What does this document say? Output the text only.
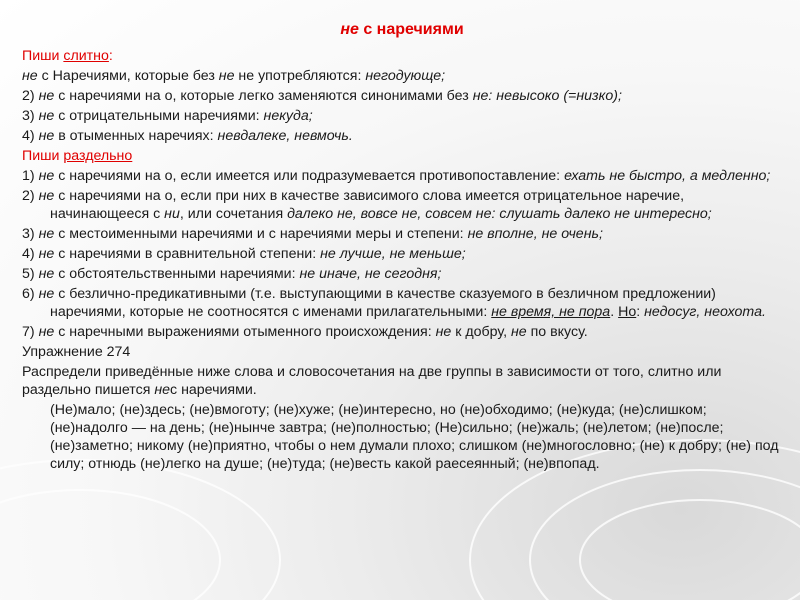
не с наречиями
Пиши слитно:
не с Наречиями, которые без не не употребляются: негодующе;
2) не с наречиями на о, которые легко заменяются синонимами без не: невысоко (=низко);
3) не с отрицательными наречиями: некуда;
4) не в отыменных наречиях: невдалеке, невмочь.
Пиши раздельно
1) не с наречиями на о, если имеется или подразумевается противопоставление: ехать не быстро, а медленно;
2) не с наречиями на о, если при них в качестве зависимого слова имеется отрицательное наречие, начинающееся с ни, или сочетания далеко не, вовсе не, совсем не: слушать далеко не интересно;
3) не с местоименными наречиями и с наречиями меры и степени: не вполне, не очень;
4) не с наречиями в сравнительной степени: не лучше, не меньше;
5) не с обстоятельственными наречиями: не иначе, не сегодня;
6) не с безлично-предикативными (т.е. выступающими в качестве сказуемого в безличном предложении) наречиями, которые не соотносятся с именами прилагательными: не время, не пора. Но: недосуг, неохота.
7) не с наречными выражениями отыменного происхождения: не к добру, не по вкусу.
Упражнение 274
Распредели приведённые ниже слова и словосочетания на две группы в зависимости от того, слитно или раздельно пишется нес наречиями.
(Не)мало; (не)здесь; (не)вмоготу; (не)хуже; (не)интересно, но (не)обходимо; (не)куда; (не)слишком; (не)надолго — на день; (не)нынче завтра; (не)полностью; (Не)сильно; (не)жаль; (не)летом; (не)после; (не)заметно; никому (не)приятно, чтобы о нем думали плохо; слишком (не)многословно; (не) к добру; (не) под силу; отнюдь (не)легко на душе; (не)туда; (не)весть какой раесеянный; (не)впопад.
